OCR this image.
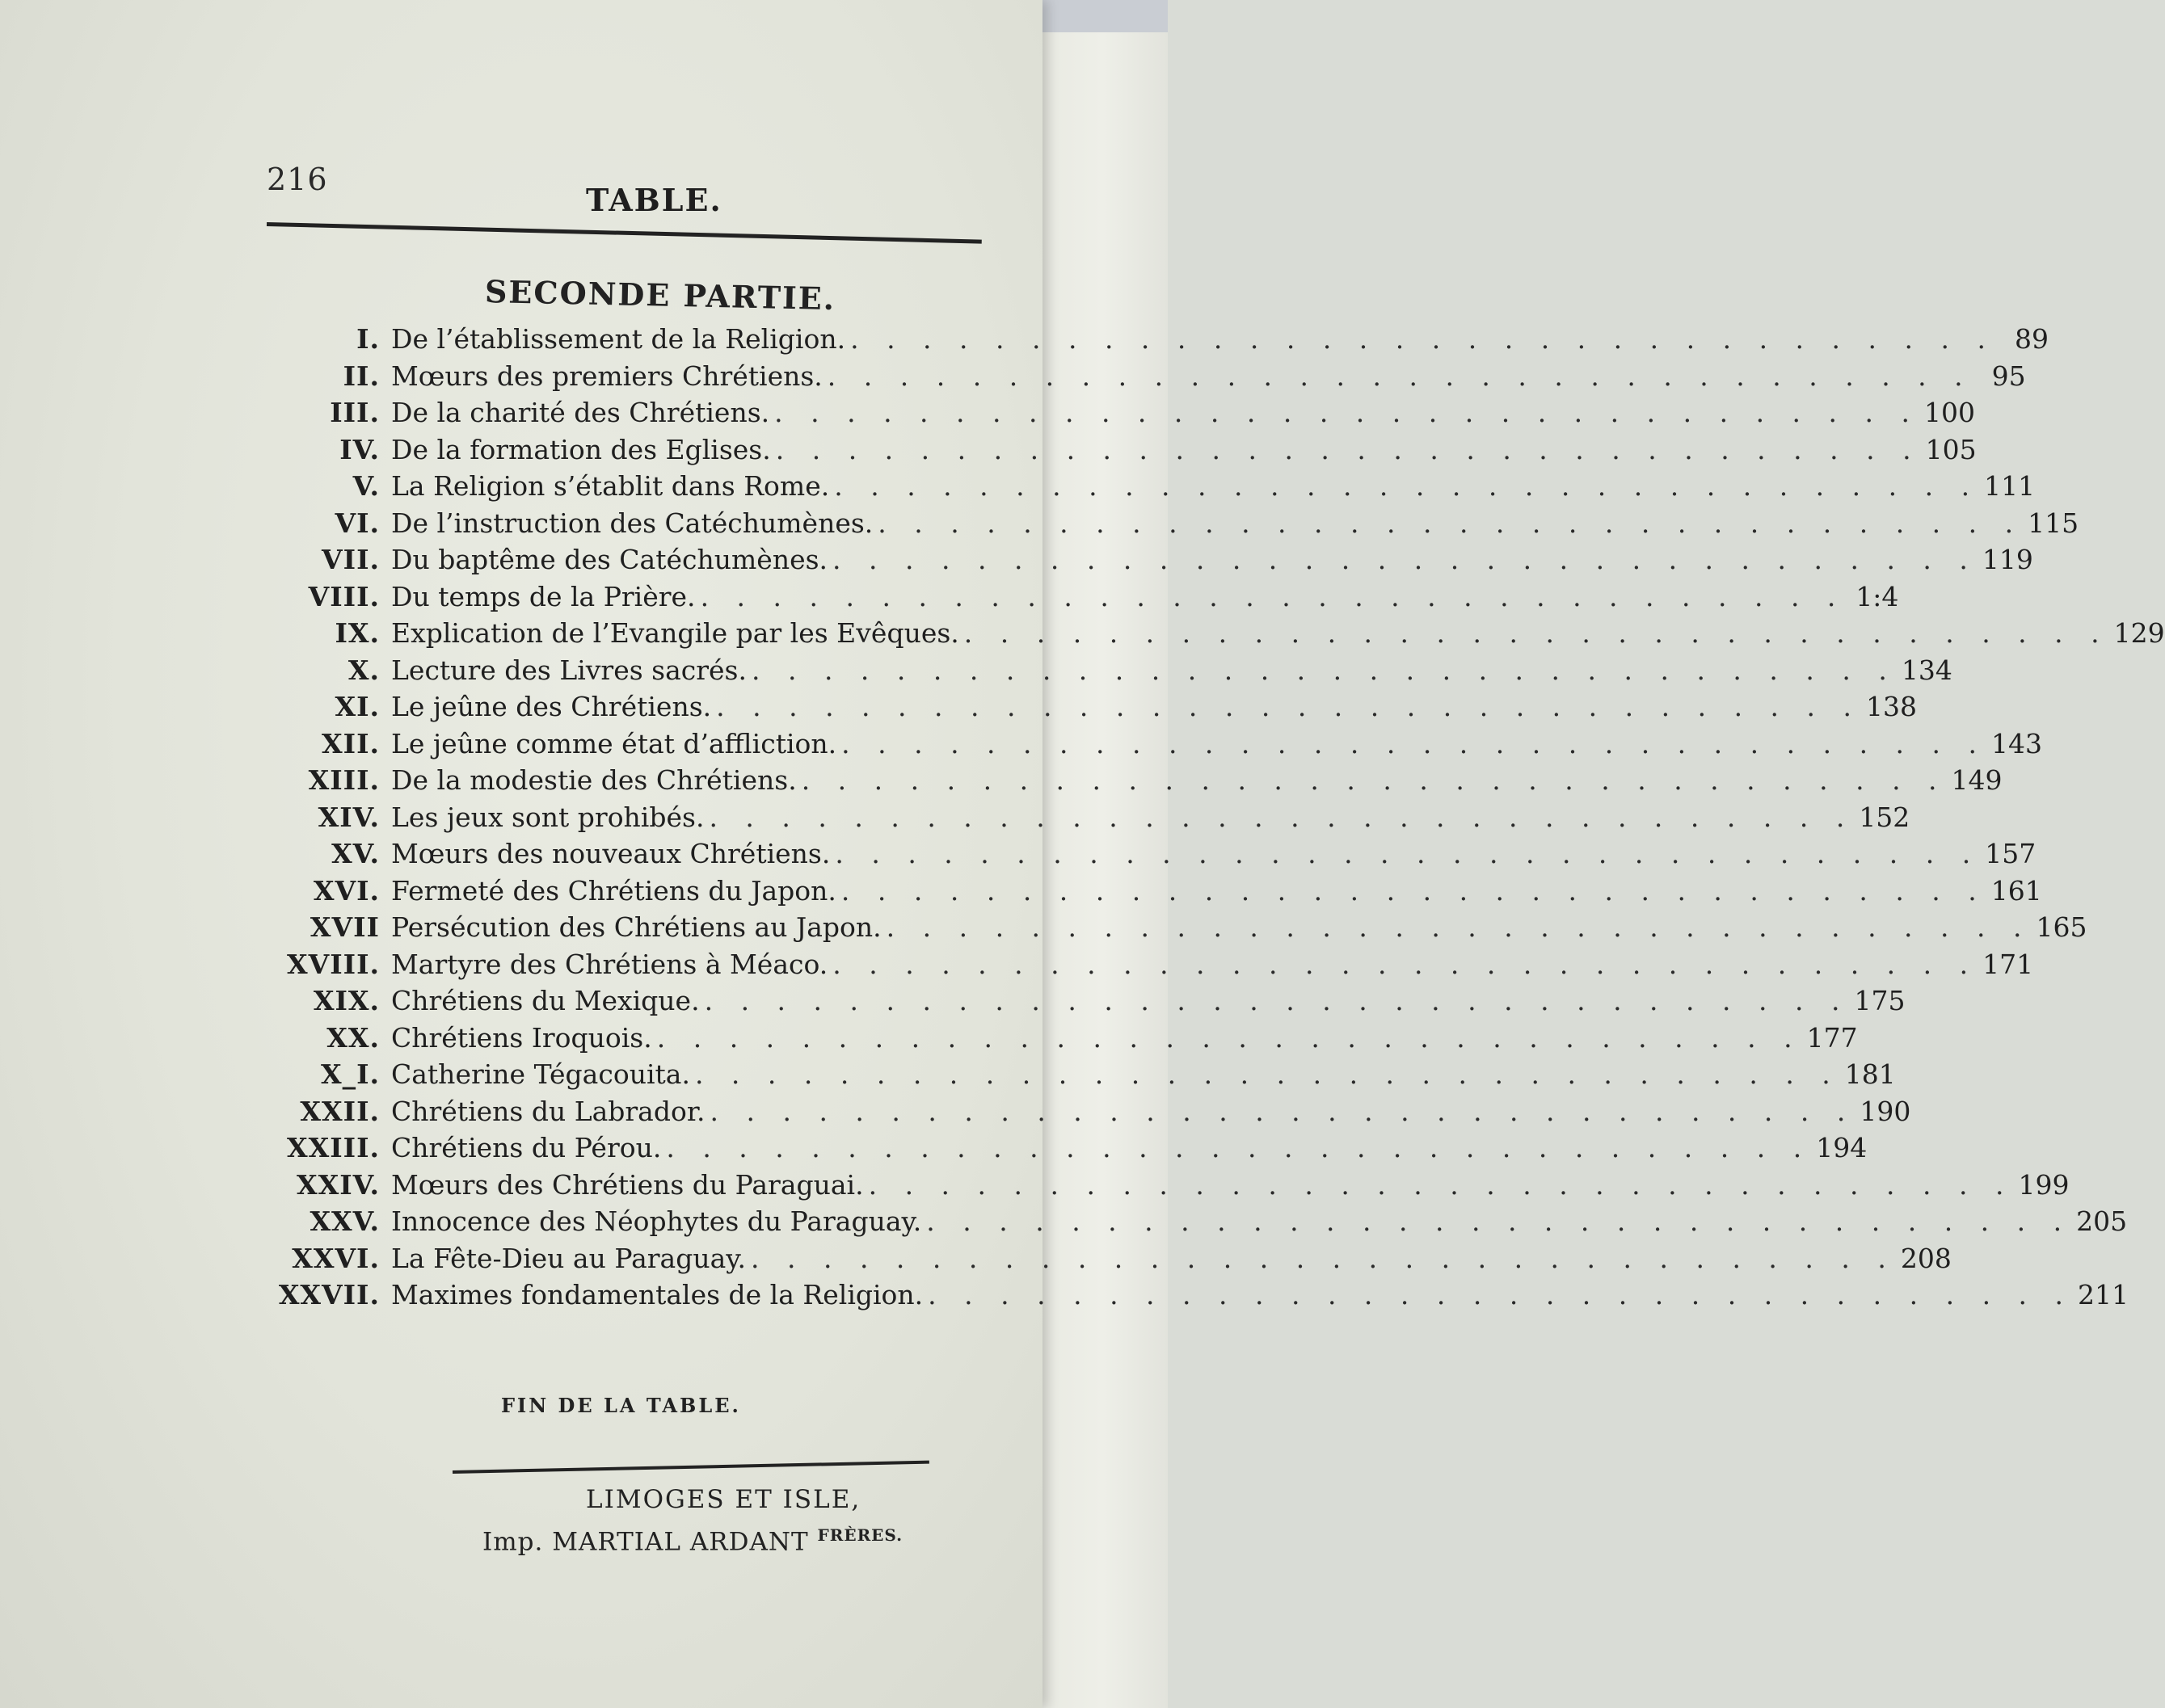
216
TABLE.
SECONDE PARTIE.
I. De l’établissement de la Religion. . . .	89
II. Mœurs des premiers Chrétiens. . . .	95
III. De la charité des Chrétiens. . . .	100
IV. De la formation des Eglises. . . .	105
V. La Religion s’établit dans Rome. . . .	111
VI. De l’instruction des Catéchumènes. . . .	115
VII. Du baptême des Catéchumènes. . . .	119
VIII. Du temps de la Prière. . . .	1:4
IX. Explication de l’Evangile par les Evêques. . . .	129
X. Lecture des Livres sacrés. . . .	134
XI. Le jeûne des Chrétiens. . . .	138
XII. Le jeûne comme état d’affliction. . . .	143
XIII. De la modestie des Chrétiens. . . .	149
XIV. Les jeux sont prohibés. . . .	152
XV. Mœurs des nouveaux Chrétiens. . . .	157
XVI. Fermeté des Chrétiens du Japon. . . .	161
XVII Persécution des Chrétiens au Japon. . . .	165
XVIII. Martyre des Chrétiens à Méaco. . . .	171
XIX. Chrétiens du Mexique. . . .	175
XX. Chrétiens Iroquois. . . .	177
X_I. Catherine Tégacouita. . . .	181
XXII. Chrétiens du Labrador. . . .	190
XXIII. Chrétiens du Pérou. . . .	194
XXIV. Mœurs des Chrétiens du Paraguai. . . .	199
XXV. Innocence des Néophytes du Paraguay. . . .	205
XXVI. La Fête-Dieu au Paraguay. . . .	208
XXVII. Maximes fondamentales de la Religion. . . .	211
FIN DE LA TABLE.
LIMOGES ET ISLE,
Imp. MARTIAL ARDANT $^{FRÈRES.}$
